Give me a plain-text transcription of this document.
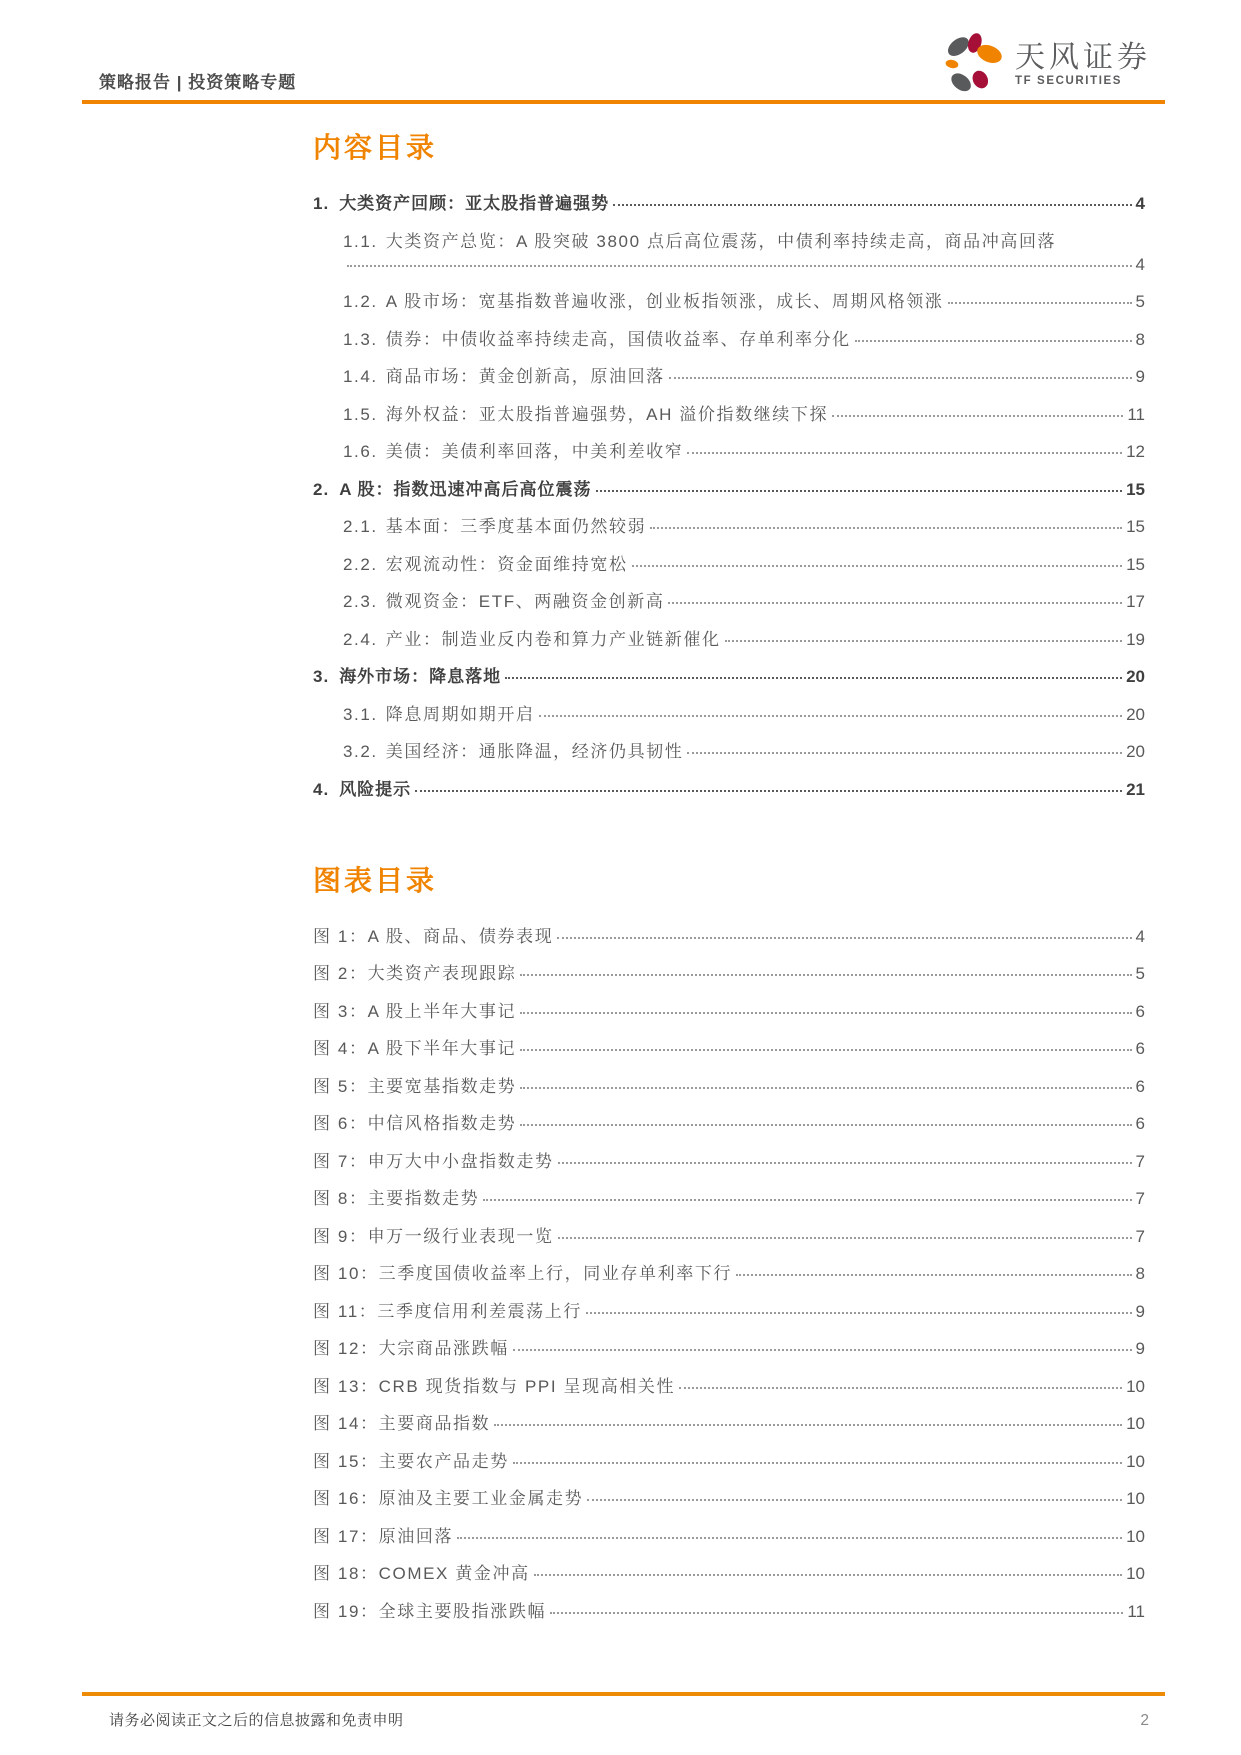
策略报告 | 投资策略专题
天风证券
TF SECURITIES
内容目录
1. 大类资产回顾：亚太股指普遍强势	4
1.1. 大类资产总览：A 股突破 3800 点后高位震荡，中债利率持续走高，商品冲高回落
4
1.2. A 股市场：宽基指数普遍收涨，创业板指领涨，成长、周期风格领涨	5
1.3. 债券：中债收益率持续走高，国债收益率、存单利率分化	8
1.4. 商品市场：黄金创新高，原油回落	9
1.5. 海外权益：亚太股指普遍强势，AH 溢价指数继续下探	11
1.6. 美债：美债利率回落，中美利差收窄	12
2. A 股：指数迅速冲高后高位震荡	15
2.1. 基本面：三季度基本面仍然较弱	15
2.2. 宏观流动性：资金面维持宽松	15
2.3. 微观资金：ETF、两融资金创新高	17
2.4. 产业：制造业反内卷和算力产业链新催化	19
3. 海外市场：降息落地	20
3.1. 降息周期如期开启	20
3.2. 美国经济：通胀降温，经济仍具韧性	20
4. 风险提示	21
图表目录
图 1： A 股、商品、债券表现	4
图 2： 大类资产表现跟踪	5
图 3： A 股上半年大事记	6
图 4： A 股下半年大事记	6
图 5： 主要宽基指数走势	6
图 6： 中信风格指数走势	6
图 7： 申万大中小盘指数走势	7
图 8： 主要指数走势	7
图 9： 申万一级行业表现一览	7
图 10： 三季度国债收益率上行，同业存单利率下行	8
图 11： 三季度信用利差震荡上行	9
图 12： 大宗商品涨跌幅	9
图 13： CRB 现货指数与 PPI 呈现高相关性	10
图 14： 主要商品指数	10
图 15： 主要农产品走势	10
图 16： 原油及主要工业金属走势	10
图 17： 原油回落	10
图 18： COMEX 黄金冲高	10
图 19： 全球主要股指涨跌幅	11
请务必阅读正文之后的信息披露和免责申明	2
